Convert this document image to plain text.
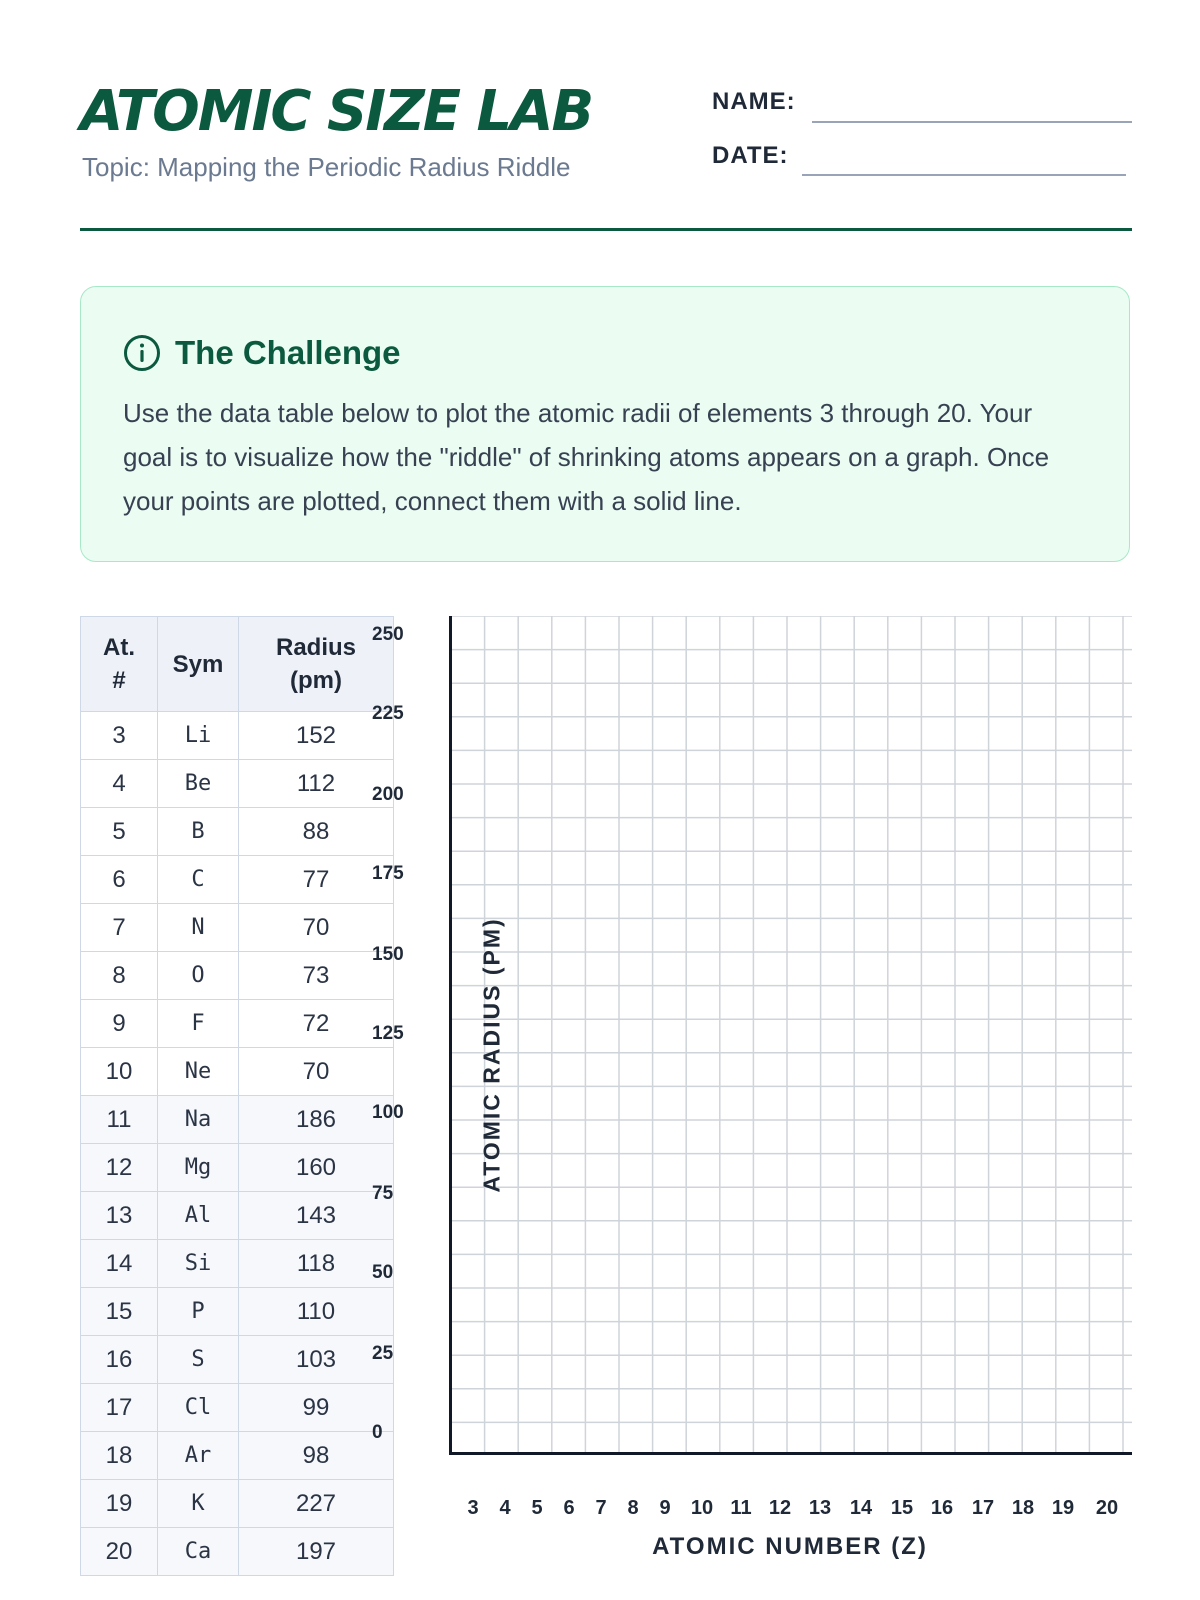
ATOMIC SIZE LAB
Topic: Mapping the Periodic Radius Riddle
NAME:
DATE:
The Challenge

Use the data table below to plot the atomic radii of elements 3 through 20. Your goal is to visualize how the "riddle" of shrinking atoms appears on a graph. Once your points are plotted, connect them with a solid line.

At.
#	Sym	Radius
(pm)
3	Li	152
4	Be	112
5	B	88
6	C	77
7	N	70
8	O	73
9	F	72
10	Ne	70
11	Na	186
12	Mg	160
13	Al	143
14	Si	118
15	P	110
16	S	103
17	Cl	99
18	Ar	98
19	K	227
20	Ca	197
250
225
200
175
150
125
100
75
50
25
0
ATOMIC RADIUS (PM)
3 4 5 6 7 8 9 10 11 12 13 14 15 16 17 18 19 20
ATOMIC NUMBER (Z)
